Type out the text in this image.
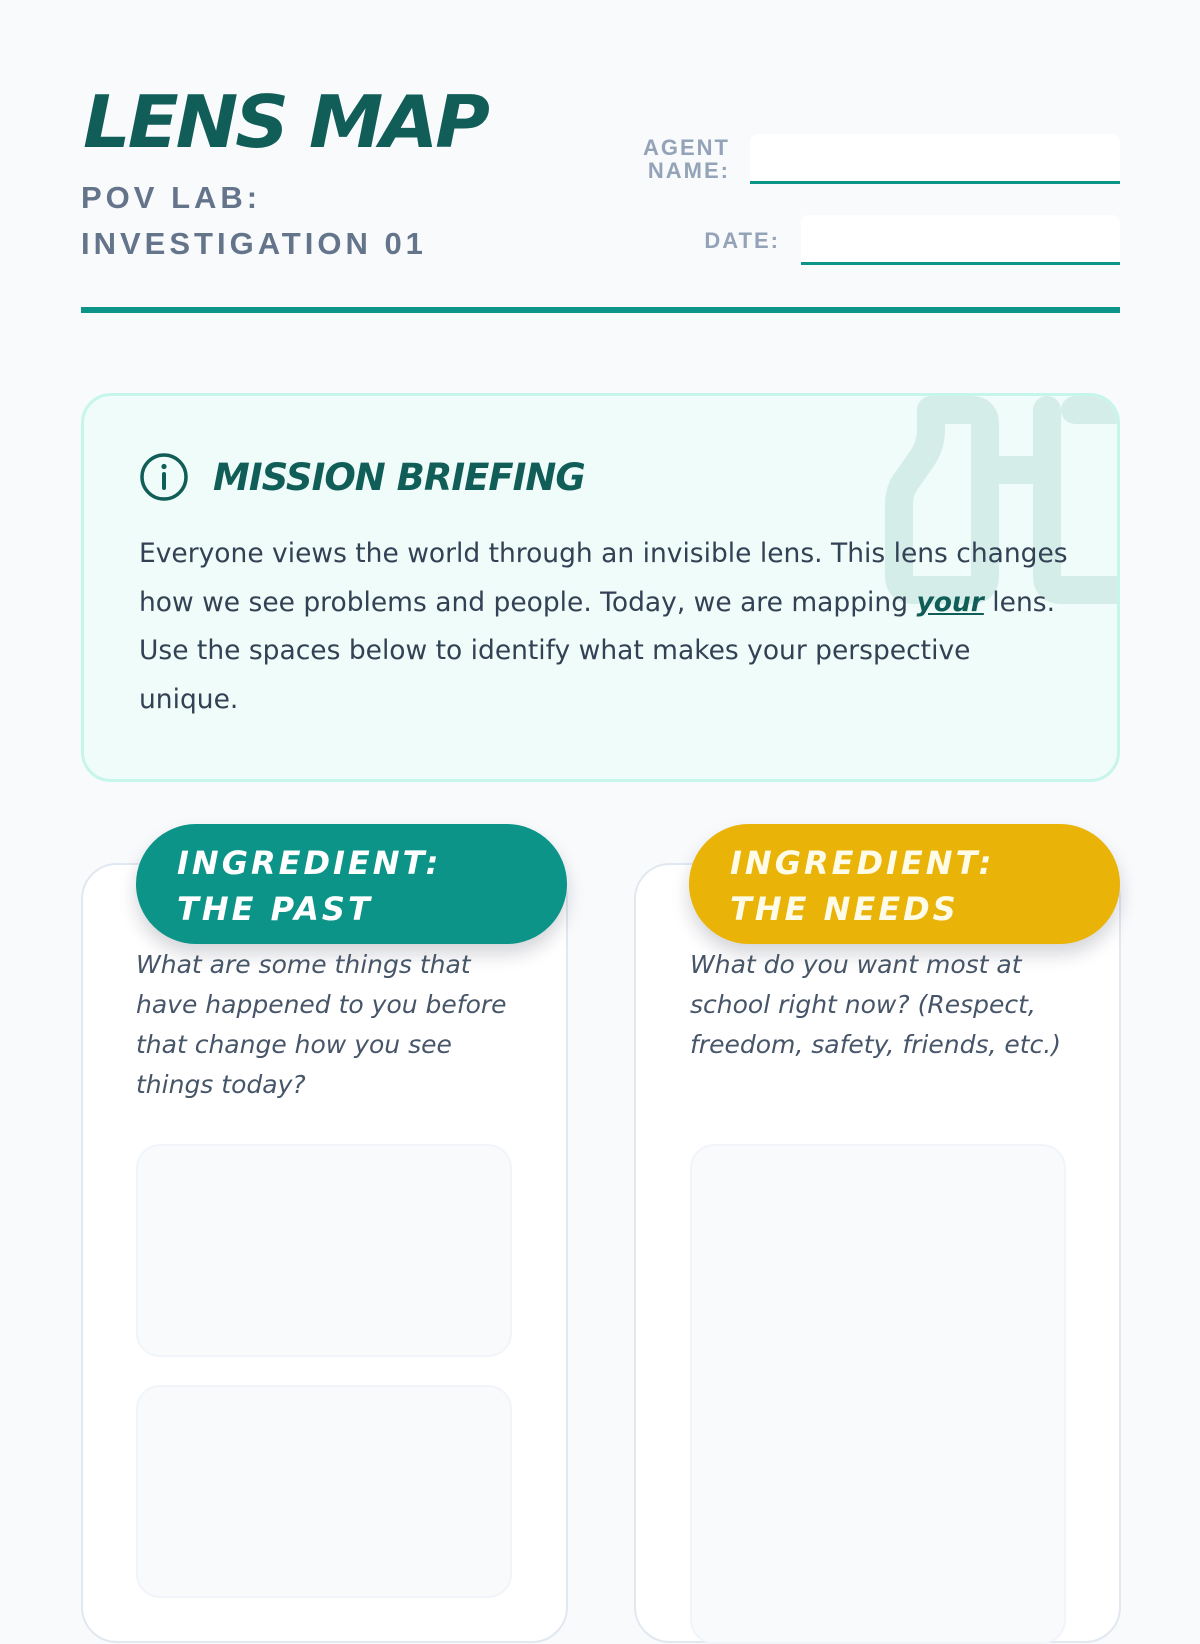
LENS MAP
POV LAB:
INVESTIGATION 01
AGENT
NAME:
DATE:
MISSION BRIEFING

Everyone views the world through an invisible lens. This lens changes how we see problems and people. Today, we are mapping your lens. Use the spaces below to identify what makes your perspective unique.

INGREDIENT: THE PAST

What are some things that have happened to you before that change how you see things today?

INGREDIENT: THE NEEDS

What do you want most at school right now? (Respect, freedom, safety, friends, etc.)
